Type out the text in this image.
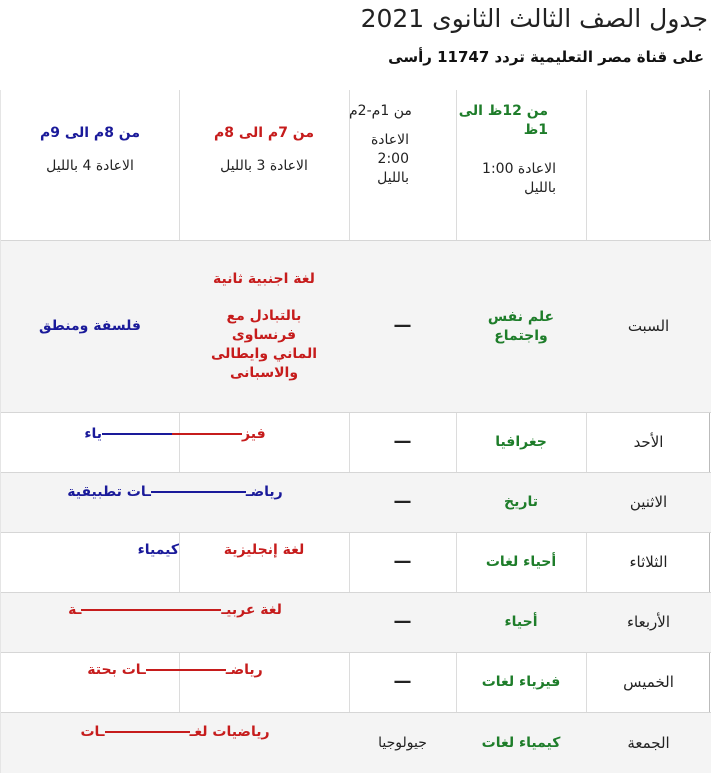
جدول الصف الثالث الثانوى 2021
على قناة مصر التعليمية تردد 11747 رأسى
من 12ظ الى 1ظ
الاعادة 1:00 بالليل
من 1م-2م
الاعادة 2:00 بالليل
من 7م الى 8م
الاعادة 3 بالليل
من 8م الى 9م
الاعادة 4 بالليل
السبت
علم نفس واجتماع
—
لغة اجنبية ثانية
بالتبادل مع فرنساوى الماني وايطالى والاسبانى
فلسفة ومنطق
الأحد
جغرافيا
—
فيز
ياء
الاثنين
تاريخ
—
رياضـ
ـات تطبيقية
الثلاثاء
أحياء لغات
—
لغة إنجليزية
كيمياء
الأربعاء
أحياء
—
لغة عربيـ
ـة
الخميس
فيزياء لغات
—
رياضـ
ـات بحتة
الجمعة
كيمياء لغات
جيولوجيا
رياضيات لغـ
ـات
